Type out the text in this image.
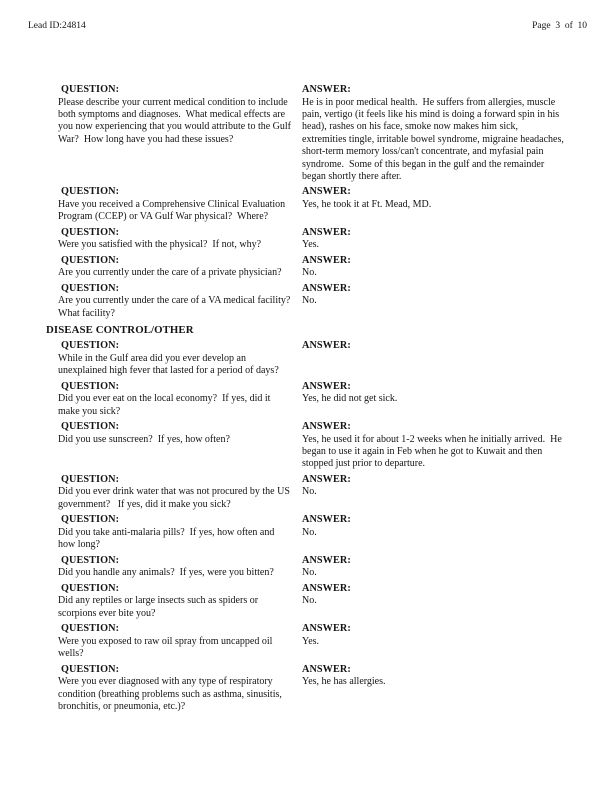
Lead ID:24814	Page  3  of  10
QUESTION:
Please describe your current medical condition to include both symptoms and diagnoses.  What medical effects are you now experiencing that you would attribute to the Gulf War?  How long have you had these issues?
ANSWER:
He is in poor medical health.  He suffers from allergies, muscle pain, vertigo (it feels like his mind is doing a forward spin in his head), rashes on his face, smoke now makes him sick, extremities tingle, irritable bowel syndrome, migraine headaches, short-term memory loss/can't concentrate, and myfasial pain syndrome.  Some of this began in the gulf and the remainder began shortly there after.
QUESTION:
Have you received a Comprehensive Clinical Evaluation Program (CCEP) or VA Gulf War physical?  Where?
ANSWER:
Yes, he took it at Ft. Mead, MD.
QUESTION:
Were you satisfied with the physical?  If not, why?
ANSWER:
Yes.
QUESTION:
Are you currently under the care of a private physician?
ANSWER:
No.
QUESTION:
Are you currently under the care of a VA medical facility?  What facility?
ANSWER:
No.
DISEASE CONTROL/OTHER
QUESTION:
While in the Gulf area did you ever develop an unexplained high fever that lasted for a period of days?
ANSWER:
QUESTION:
Did you ever eat on the local economy?  If yes, did it make you sick?
ANSWER:
Yes, he did not get sick.
QUESTION:
Did you use sunscreen?  If yes, how often?
ANSWER:
Yes, he used it for about 1-2 weeks when he initially arrived.  He began to use it again in Feb when he got to Kuwait and then stopped just prior to departure.
QUESTION:
Did you ever drink water that was not procured by the US government?   If yes, did it make you sick?
ANSWER:
No.
QUESTION:
Did you take anti-malaria pills?  If yes, how often and how long?
ANSWER:
No.
QUESTION:
Did you handle any animals?  If yes, were you bitten?
ANSWER:
No.
QUESTION:
Did any reptiles or large insects such as spiders or scorpions ever bite you?
ANSWER:
No.
QUESTION:
Were you exposed to raw oil spray from uncapped oil wells?
ANSWER:
Yes.
QUESTION:
Were you ever diagnosed with any type of respiratory condition (breathing problems such as asthma, sinusitis, bronchitis, or pneumonia, etc.)?
ANSWER:
Yes, he has allergies.
